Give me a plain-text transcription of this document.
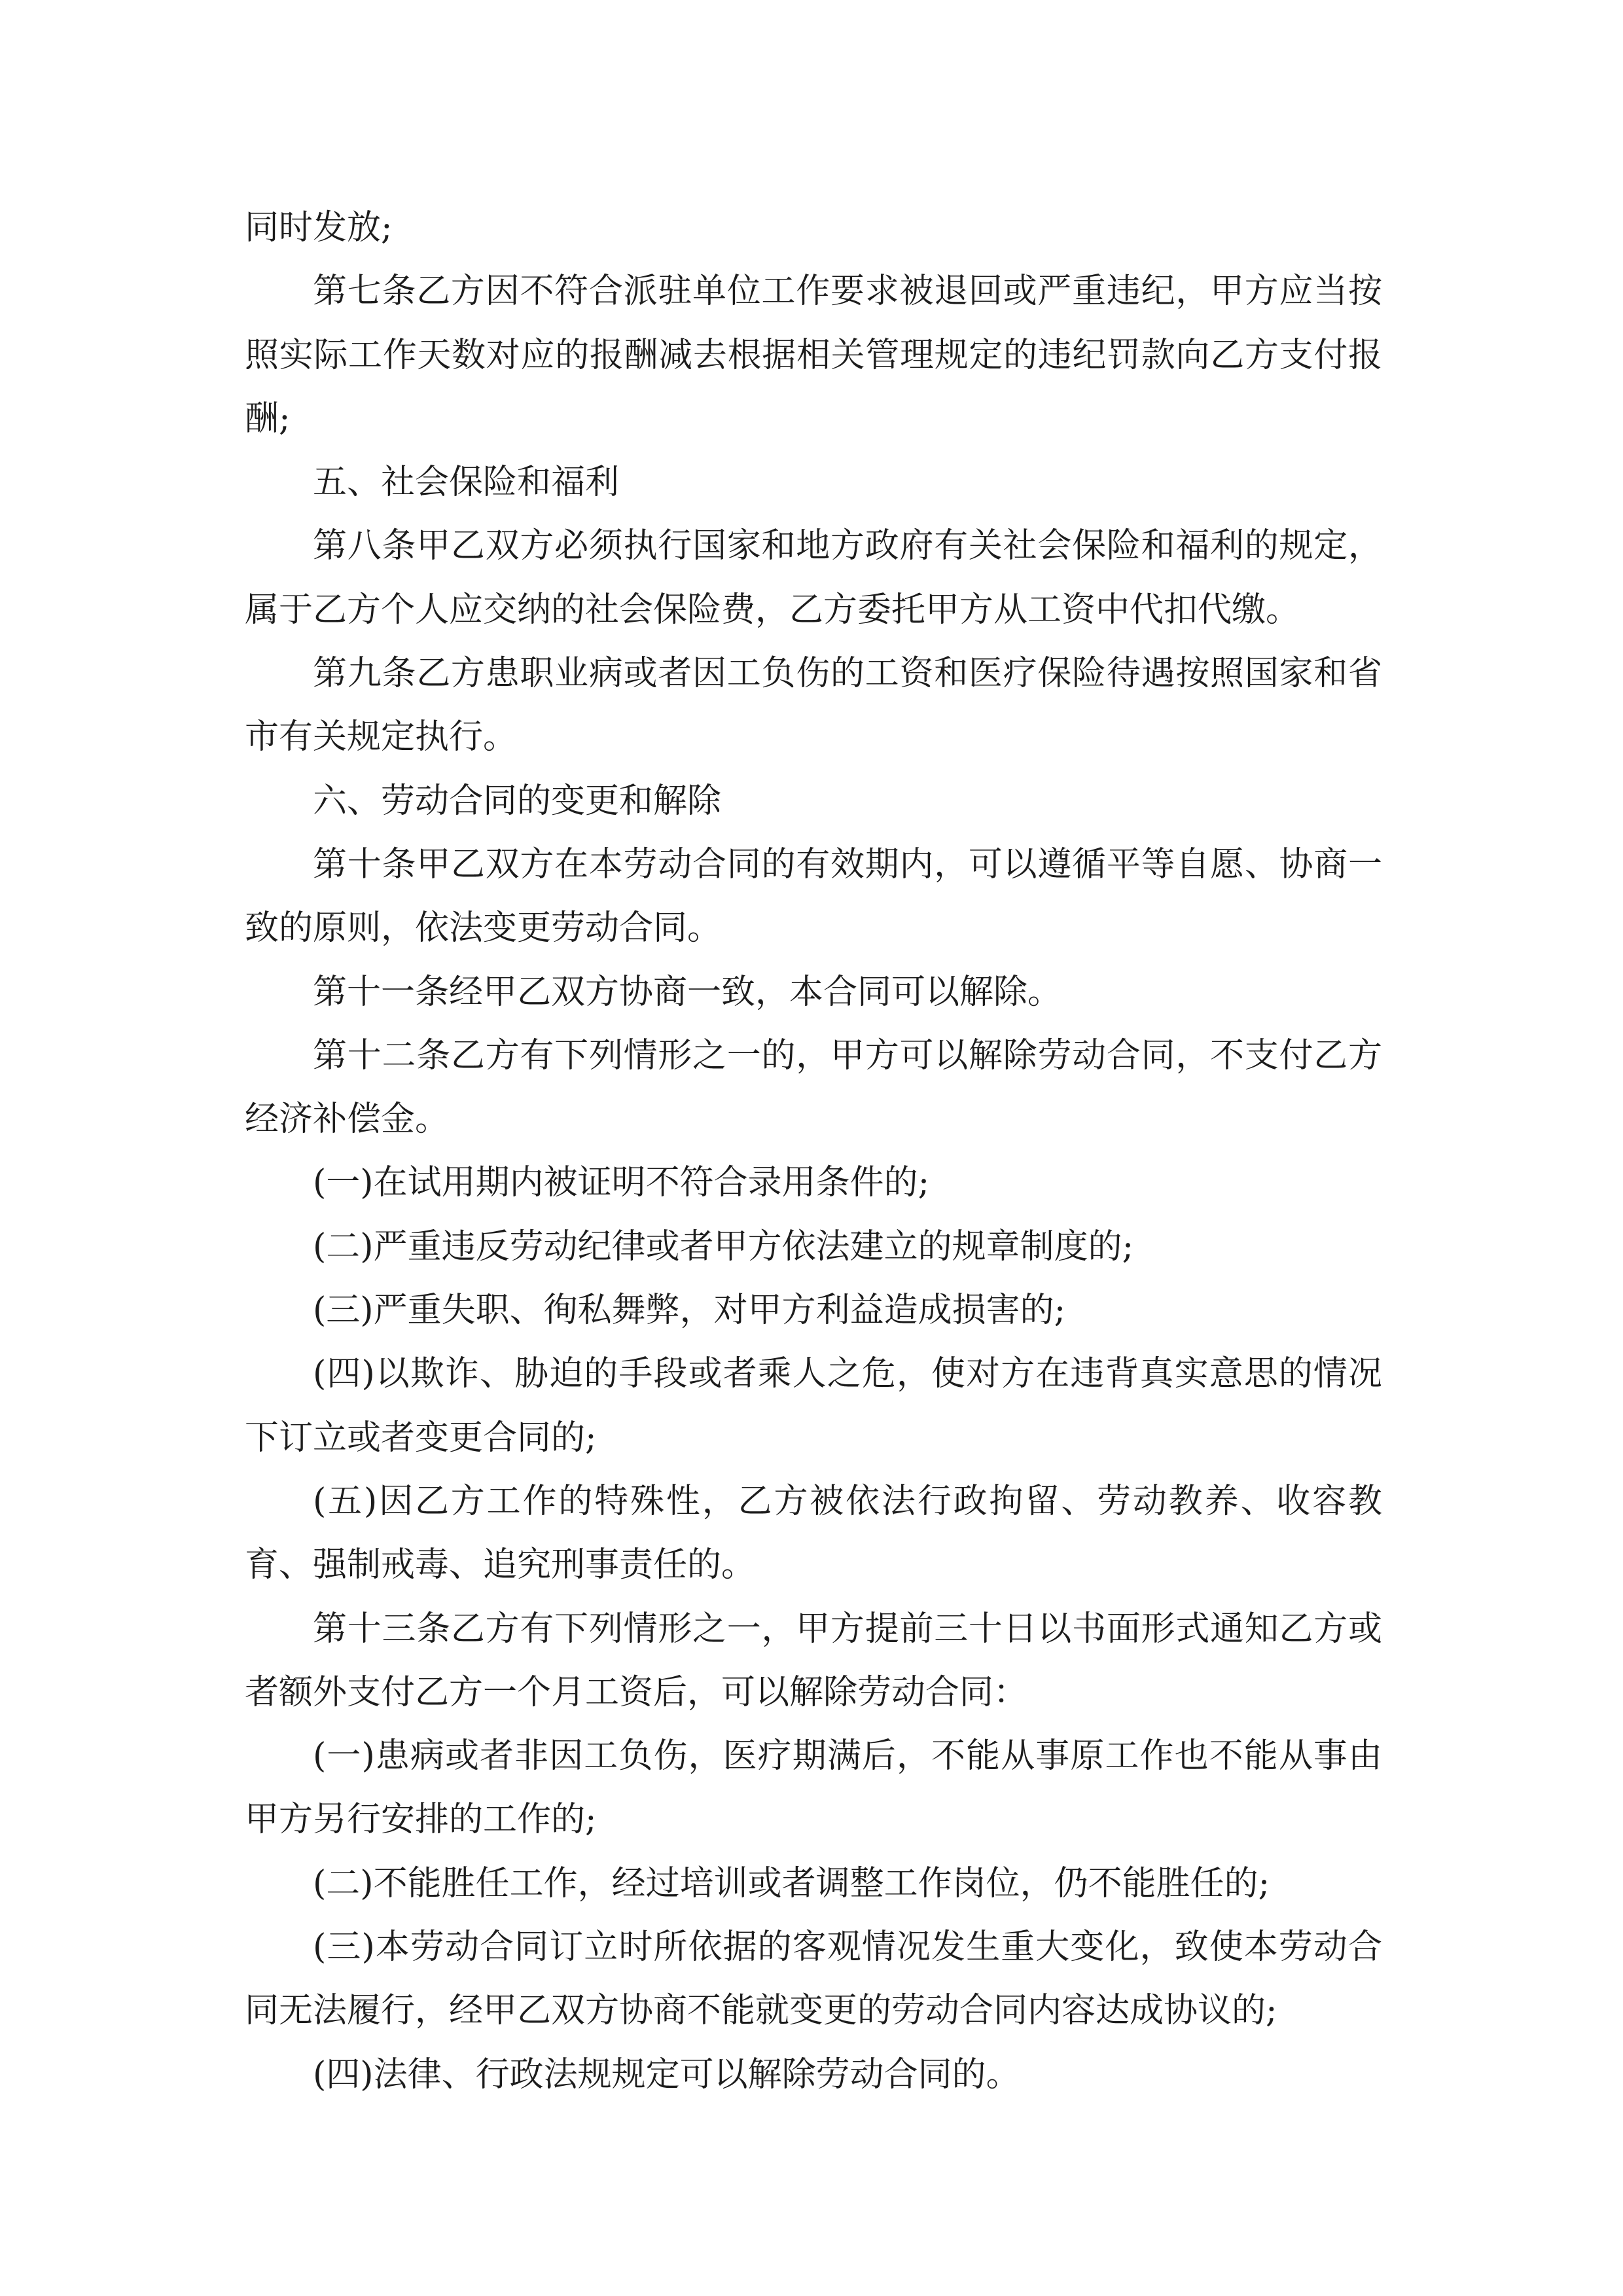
同时发放;

第七条乙方因不符合派驻单位工作要求被退回或严重违纪，甲方应当按照实际工作天数对应的报酬减去根据相关管理规定的违纪罚款向乙方支付报酬;

五、社会保险和福利

第八条甲乙双方必须执行国家和地方政府有关社会保险和福利的规定，属于乙方个人应交纳的社会保险费，乙方委托甲方从工资中代扣代缴。

第九条乙方患职业病或者因工负伤的工资和医疗保险待遇按照国家和省市有关规定执行。

六、劳动合同的变更和解除

第十条甲乙双方在本劳动合同的有效期内，可以遵循平等自愿、协商一致的原则，依法变更劳动合同。

第十一条经甲乙双方协商一致，本合同可以解除。

第十二条乙方有下列情形之一的，甲方可以解除劳动合同，不支付乙方经济补偿金。

(一)在试用期内被证明不符合录用条件的;

(二)严重违反劳动纪律或者甲方依法建立的规章制度的;

(三)严重失职、徇私舞弊，对甲方利益造成损害的;

(四)以欺诈、胁迫的手段或者乘人之危，使对方在违背真实意思的情况下订立或者变更合同的;

(五)因乙方工作的特殊性，乙方被依法行政拘留、劳动教养、收容教育、强制戒毒、追究刑事责任的。

第十三条乙方有下列情形之一，甲方提前三十日以书面形式通知乙方或者额外支付乙方一个月工资后，可以解除劳动合同：

(一)患病或者非因工负伤，医疗期满后，不能从事原工作也不能从事由甲方另行安排的工作的;

(二)不能胜任工作，经过培训或者调整工作岗位，仍不能胜任的;

(三)本劳动合同订立时所依据的客观情况发生重大变化，致使本劳动合同无法履行，经甲乙双方协商不能就变更的劳动合同内容达成协议的;

(四)法律、行政法规规定可以解除劳动合同的。
